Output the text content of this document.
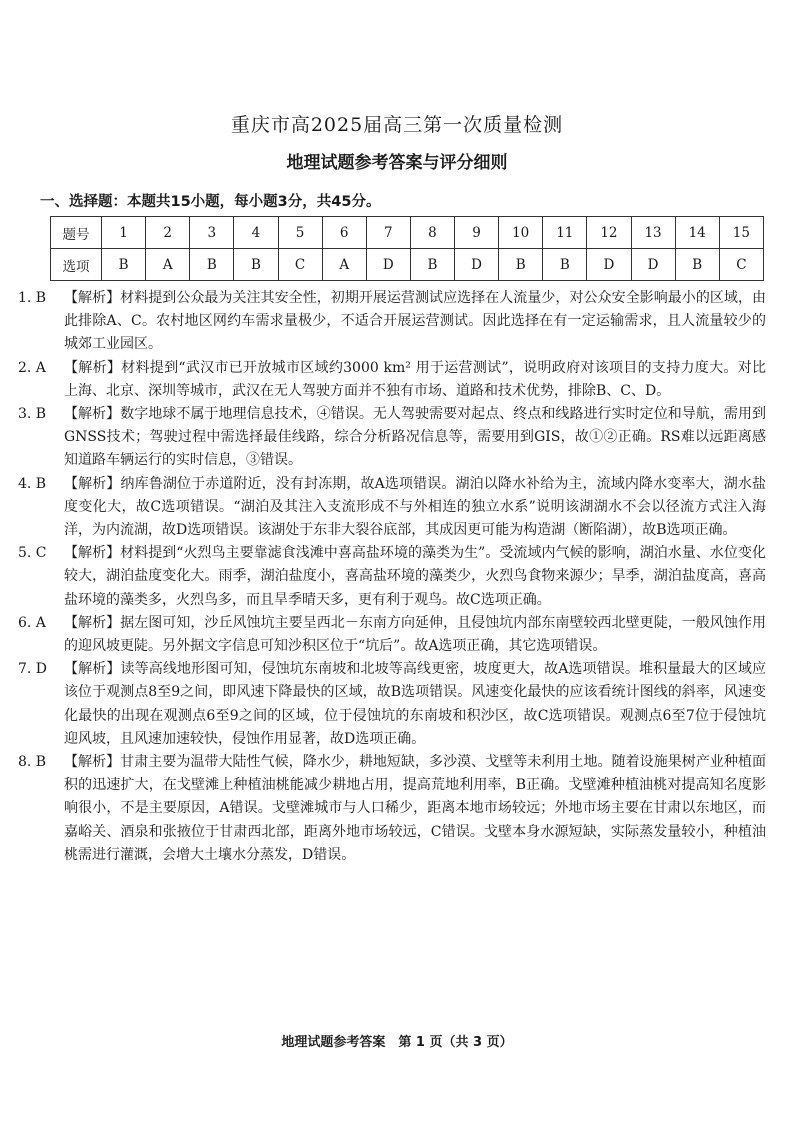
重庆市高2025届高三第一次质量检测
地理试题参考答案与评分细则
一、选择题：本题共15小题，每小题3分，共45分。
题号	1	2	3	4	5	6	7	8	9	10	11	12	13	14	15
选项	B	A	B	B	C	A	D	B	D	B	B	D	D	B	C
1. B	【解析】材料提到公众最为关注其安全性，初期开展运营测试应选择在人流量少，对公众安全影响最小的区域，由此排除A、C。农村地区网约车需求量极少，不适合开展运营测试。因此选择在有一定运输需求，且人流量较少的城郊工业园区。
2. A	【解析】材料提到“武汉市已开放城市区域约3000 km² 用于运营测试”，说明政府对该项目的支持力度大。对比上海、北京、深圳等城市，武汉在无人驾驶方面并不独有市场、道路和技术优势，排除B、C、D。
3. B	【解析】数字地球不属于地理信息技术，④错误。无人驾驶需要对起点、终点和线路进行实时定位和导航，需用到GNSS技术；驾驶过程中需选择最佳线路，综合分析路况信息等，需要用到GIS，故①②正确。RS难以远距离感知道路车辆运行的实时信息，③错误。
4. B	【解析】纳库鲁湖位于赤道附近，没有封冻期，故A选项错误。湖泊以降水补给为主，流域内降水变率大，湖水盐度变化大，故C选项错误。“湖泊及其注入支流形成不与外相连的独立水系”说明该湖湖水不会以径流方式注入海洋，为内流湖，故D选项错误。该湖处于东非大裂谷底部，其成因更可能为构造湖（断陷湖），故B选项正确。
5. C	【解析】材料提到“火烈鸟主要靠滤食浅滩中喜高盐环境的藻类为生”。受流域内气候的影响，湖泊水量、水位变化较大，湖泊盐度变化大。雨季，湖泊盐度小，喜高盐环境的藻类少，火烈鸟食物来源少；旱季，湖泊盐度高，喜高盐环境的藻类多，火烈鸟多，而且旱季晴天多，更有利于观鸟。故C选项正确。
6. A	【解析】据左图可知，沙丘风蚀坑主要呈西北－东南方向延伸，且侵蚀坑内部东南壁较西北壁更陡，一般风蚀作用的迎风坡更陡。另外据文字信息可知沙积区位于“坑后”。故A选项正确，其它选项错误。
7. D	【解析】读等高线地形图可知，侵蚀坑东南坡和北坡等高线更密，坡度更大，故A选项错误。堆积量最大的区域应该位于观测点8至9之间，即风速下降最快的区域，故B选项错误。风速变化最快的应该看统计图线的斜率，风速变化最快的出现在观测点6至9之间的区域，位于侵蚀坑的东南坡和积沙区，故C选项错误。观测点6至7位于侵蚀坑迎风坡，且风速加速较快，侵蚀作用显著，故D选项正确。
8. B	【解析】甘肃主要为温带大陆性气候，降水少，耕地短缺，多沙漠、戈壁等未利用土地。随着设施果树产业种植面积的迅速扩大，在戈壁滩上种植油桃能减少耕地占用，提高荒地利用率，B正确。戈壁滩种植油桃对提高知名度影响很小，不是主要原因，A错误。戈壁滩城市与人口稀少，距离本地市场较远；外地市场主要在甘肃以东地区，而嘉峪关、酒泉和张掖位于甘肃西北部，距离外地市场较远，C错误。戈壁本身水源短缺，实际蒸发量较小，种植油桃需进行灌溉，会增大土壤水分蒸发，D错误。
地理试题参考答案　第 1 页（共 3 页）
